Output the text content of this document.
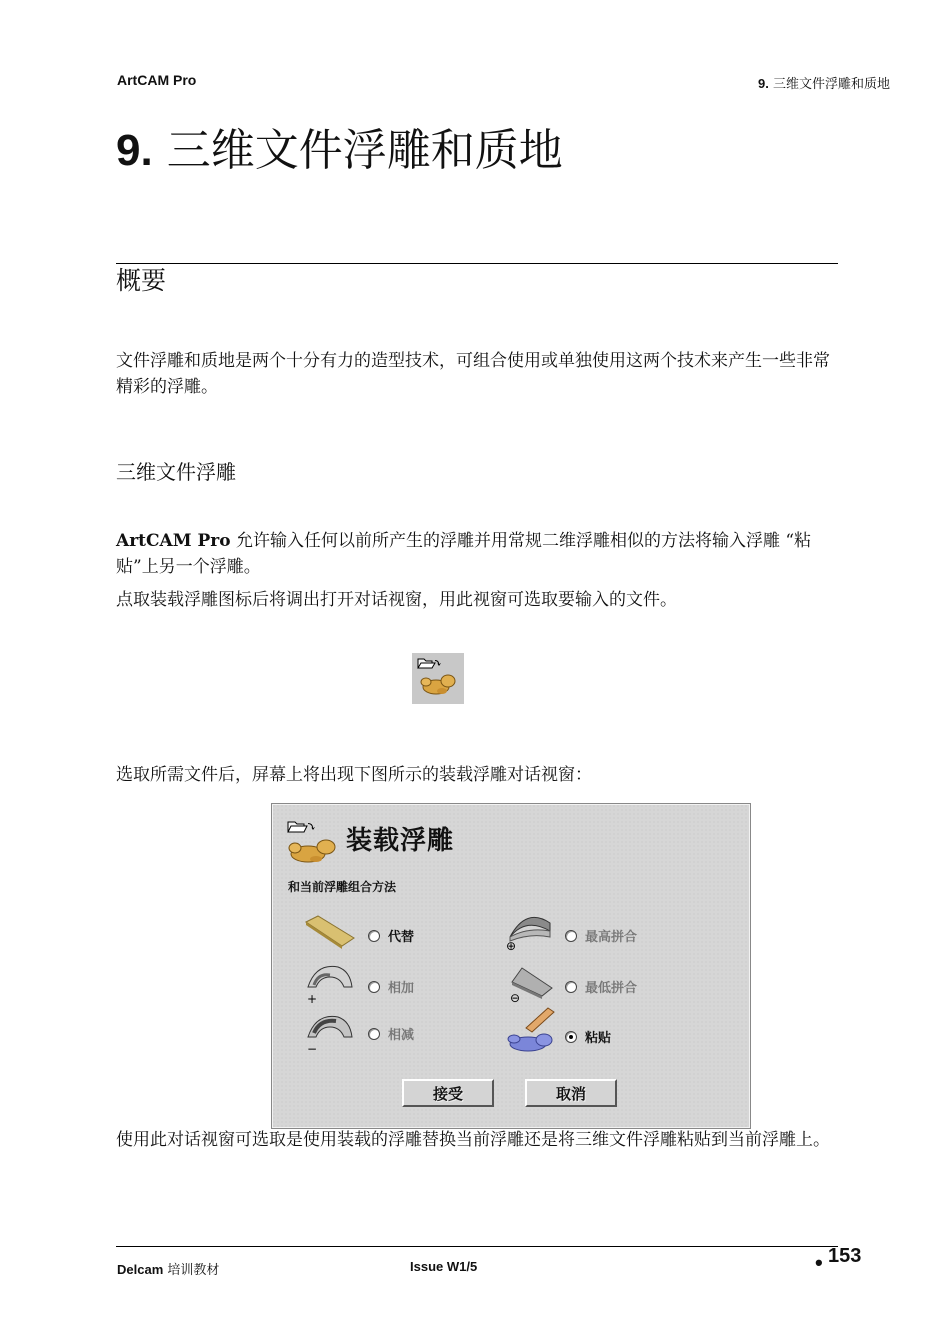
ArtCAM Pro	9. 三维文件浮雕和质地
9. 三维文件浮雕和质地
概要
文件浮雕和质地是两个十分有力的造型技术，可组合使用或单独使用这两个技术来产生一些非常精彩的浮雕。
三维文件浮雕
ArtCAM Pro 允许输入任何以前所产生的浮雕并用常规二维浮雕相似的方法将输入浮雕 “粘贴”上另一个浮雕。
点取装载浮雕图标后将调出打开对话视窗，用此视窗可选取要输入的文件。
选取所需文件后，屏幕上将出现下图所示的装载浮雕对话视窗：
装载浮雕
和当前浮雕组合方法
代替
⊕
最高拼合
+
相加
⊖
最低拼合
−
相减	粘贴
接受	取消
使用此对话视窗可选取是使用装载的浮雕替换当前浮雕还是将三维文件浮雕粘贴到当前浮雕上。
Delcam 培训教材	Issue W1/5	• 153
